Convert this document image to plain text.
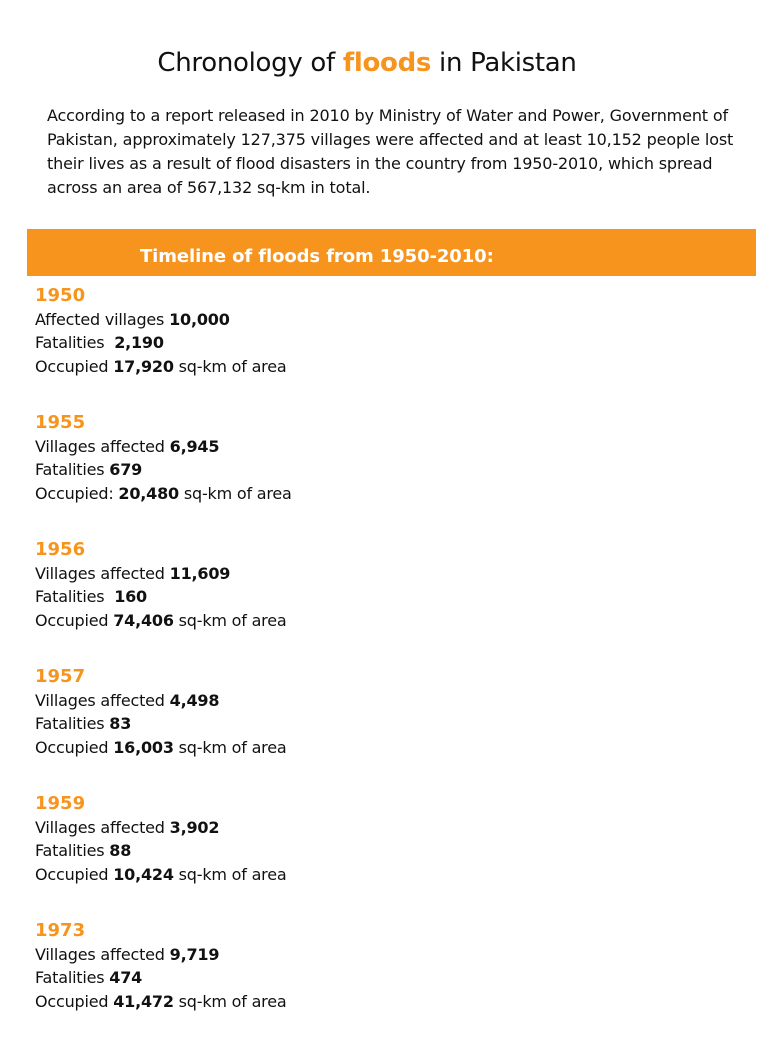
Chronology of floods in Pakistan
According to a report released in 2010 by Ministry of Water and Power, Government of
Pakistan, approximately 127,375 villages were affected and at least 10,152 people lost
their lives as a result of flood disasters in the country from 1950-2010, which spread
across an area of 567,132 sq-km in total.
Timeline of floods from 1950-2010:
1950
Affected villages 10,000
Fatalities  2,190
Occupied 17,920 sq-km of area
1955
Villages affected 6,945
Fatalities 679
Occupied: 20,480 sq-km of area
1956
Villages affected 11,609
Fatalities  160
Occupied 74,406 sq-km of area
1957
Villages affected 4,498
Fatalities 83
Occupied 16,003 sq-km of area
1959
Villages affected 3,902
Fatalities 88
Occupied 10,424 sq-km of area
1973
Villages affected 9,719
Fatalities 474
Occupied 41,472 sq-km of area
